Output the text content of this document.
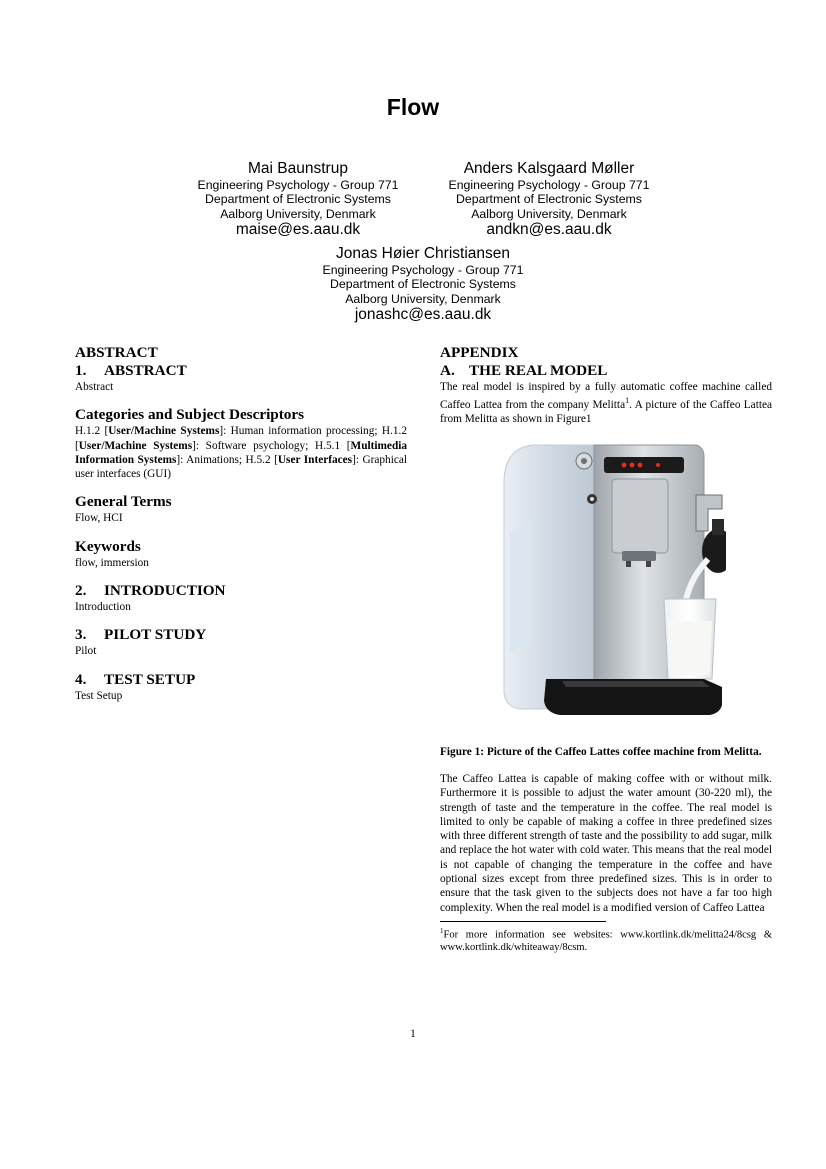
Flow
Mai Baunstrup
Engineering Psychology - Group 771
Department of Electronic Systems
Aalborg University, Denmark
maise@es.aau.dk
Anders Kalsgaard Møller
Engineering Psychology - Group 771
Department of Electronic Systems
Aalborg University, Denmark
andkn@es.aau.dk
Jonas Høier Christiansen
Engineering Psychology - Group 771
Department of Electronic Systems
Aalborg University, Denmark
jonashc@es.aau.dk
ABSTRACT
1. ABSTRACT

Abstract

Categories and Subject Descriptors

H.1.2 [User/Machine Systems]: Human information processing; H.1.2 [User/Machine Systems]: Software psychology; H.5.1 [Multimedia Information Systems]: Animations; H.5.2 [User Interfaces]: Graphical user interfaces (GUI)

General Terms

Flow, HCI

Keywords

flow, immersion

2. INTRODUCTION

Introduction

3. PILOT STUDY

Pilot

4. TEST SETUP

Test Setup

APPENDIX
A. THE REAL MODEL

The real model is inspired by a fully automatic coffee machine called Caffeo Lattea from the company Melitta$^1$. A picture of the Caffeo Lattea from Melitta as shown in Figure1

Figure 1: Picture of the Caffeo Lattes coffee machine from Melitta.

The Caffeo Lattea is capable of making coffee with or without milk. Furthermore it is possible to adjust the water amount (30-220 ml), the strength of taste and the temperature in the coffee. The real model is limited to only be capable of making a coffee in three predefined sizes with three different strength of taste and the possibility to add sugar, milk and replace the hot water with cold water. This means that the real model is not capable of changing the temperature in the coffee and have optional sizes except from three predefined sizes. This is in order to ensure that the task given to the subjects does not have a far too high complexity. When the real model is a modified version of Caffeo Lattea

$^1$For more information see websites: www.kortlink.dk/melitta24/8csg & www.kortlink.dk/whiteaway/8csm.
1
